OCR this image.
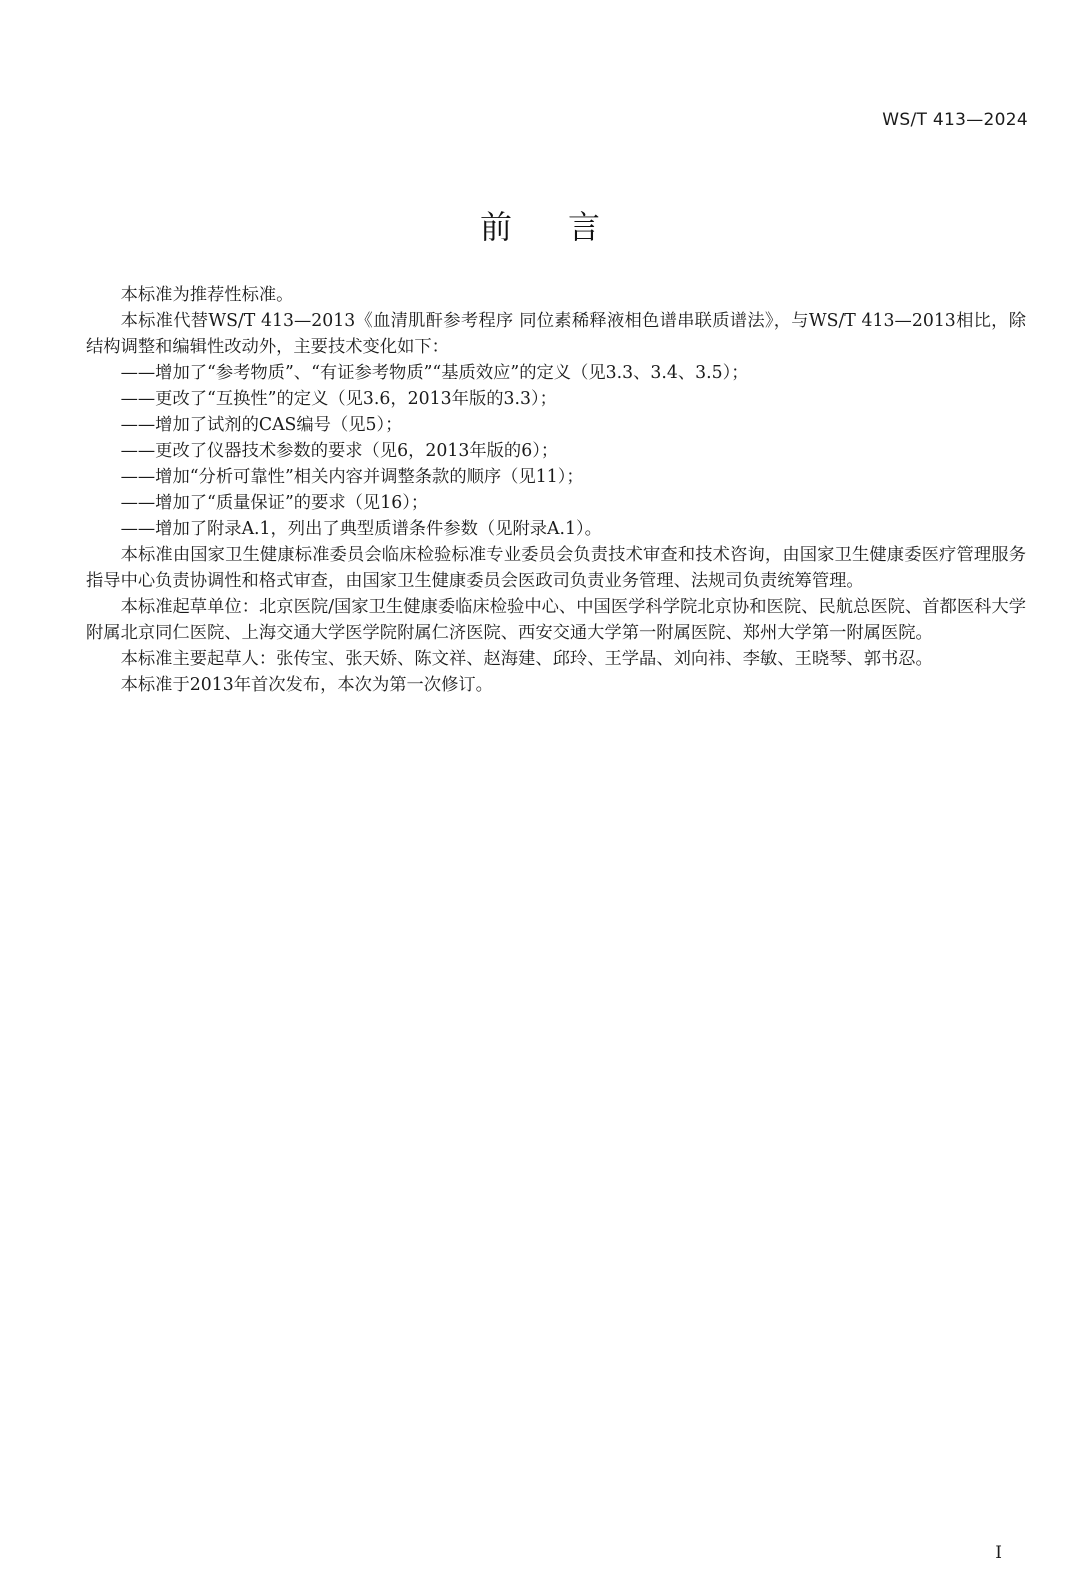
WS/T 413—2024
前言

本标准为推荐性标准。

本标准代替WS/T 413—2013《血清肌酐参考程序 同位素稀释液相色谱串联质谱法》，与WS/T 413—2013相比，除结构调整和编辑性改动外，主要技术变化如下：

——增加了“参考物质”、“有证参考物质”“基质效应”的定义（见3.3、3.4、3.5）；
——更改了“互换性”的定义（见3.6，2013年版的3.3）；
——增加了试剂的CAS编号（见5）；
——更改了仪器技术参数的要求（见6，2013年版的6）；
——增加“分析可靠性”相关内容并调整条款的顺序（见11）；
——增加了“质量保证”的要求（见16）；
——增加了附录A.1，列出了典型质谱条件参数（见附录A.1）。

本标准由国家卫生健康标准委员会临床检验标准专业委员会负责技术审查和技术咨询，由国家卫生健康委医疗管理服务指导中心负责协调性和格式审查，由国家卫生健康委员会医政司负责业务管理、法规司负责统筹管理。

本标准起草单位：北京医院/国家卫生健康委临床检验中心、中国医学科学院北京协和医院、民航总医院、首都医科大学附属北京同仁医院、上海交通大学医学院附属仁济医院、西安交通大学第一附属医院、郑州大学第一附属医院。

本标准主要起草人：张传宝、张天娇、陈文祥、赵海建、邱玲、王学晶、刘向祎、李敏、王晓琴、郭书忍。

本标准于2013年首次发布，本次为第一次修订。

I
